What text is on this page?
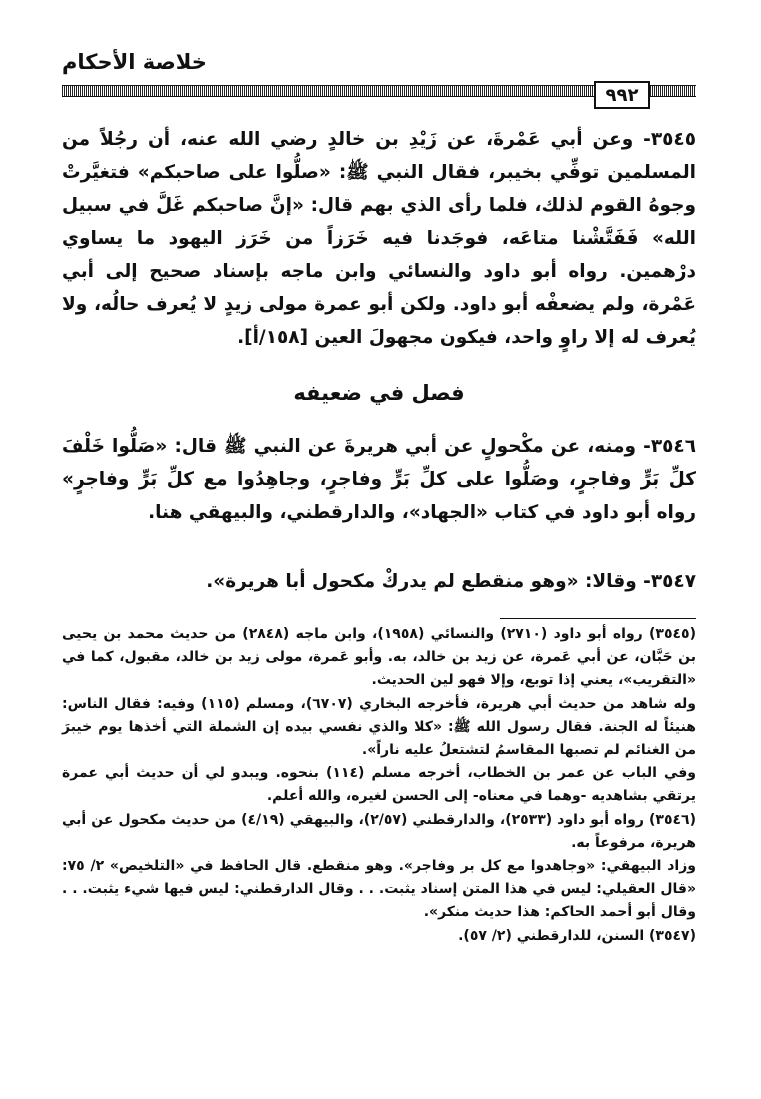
خلاصة الأحكام
٩٩٢

٣٥٤٥- وعن أبي عَمْرةَ، عن زَيْدِ بن خالدٍ رضي الله عنه، أن رجُلاً من المسلمين توفِّي بخيبر، فقال النبي ﷺ: «صلُّوا على صاحبكم» فتغيَّرتْ وجوهُ القوم لذلك، فلما رأى الذي بهم قال: «إنَّ صاحبكم غَلَّ في سبيل الله» فَفَتَّشْنا متاعَه، فوجَدنا فيه خَرَزاً من خَرَز اليهود ما يساوي درْهمين. رواه أبو داود والنسائي وابن ماجه بإسناد صحيح إلى أبي عَمْرة، ولم يضعفْه أبو داود. ولكن أبو عمرة مولى زيدٍ لا يُعرف حالُه، ولا يُعرف له إلا راوٍ واحد، فيكون مجهولَ العين [١٥٨/أ].

فصل في ضعيفه

٣٥٤٦- ومنه، عن مكْحولٍ عن أبي هريرةَ عن النبي ﷺ قال: «صَلُّوا خَلْفَ كلِّ بَرٍّ وفاجرٍ، وصَلُّوا على كلِّ بَرٍّ وفاجرٍ، وجاهِدُوا مع كلِّ بَرٍّ وفاجرٍ» رواه أبو داود في كتاب «الجهاد»، والدارقطني، والبيهقي هنا.

٣٥٤٧- وقالا: «وهو منقطع لم يدركْ مكحول أبا هريرة».

(٣٥٤٥) رواه أبو داود (٢٧١٠) والنسائي (١٩٥٨)، وابن ماجه (٢٨٤٨) من حديث محمد بن يحيى بن حَبَّان، عن أبي عَمرة، عن زيد بن خالد، به. وأبو عَمرة، مولى زيد بن خالد، مقبول، كما في «التقريب»، يعني إذا توبع، وإلا فهو لين الحديث.

وله شاهد من حديث أبي هريرة، فأخرجه البخاري (٦٧٠٧)، ومسلم (١١٥) وفيه: فقال الناس: هنيئاً له الجنة. فقال رسول الله ﷺ: «كلا والذي نفسي بيده إن الشملة التي أخذها يوم خيبرَ من الغنائم لم تصبها المقاسمُ لتشتعلُ عليه ناراً».

وفي الباب عن عمر بن الخطاب، أخرجه مسلم (١١٤) بنحوه. ويبدو لي أن حديث أبي عمرة يرتقي بشاهديه -وهما في معناه- إلى الحسن لغيره، والله أعلم.

(٣٥٤٦) رواه أبو داود (٢٥٣٣)، والدارقطني (٢/٥٧)، والبيهقي (٤/١٩) من حديث مكحول عن أبي هريرة، مرفوعاً به.

وزاد البيهقي: «وجاهدوا مع كل بر وفاجر». وهو منقطع. قال الحافظ في «التلخيص» ٢/ ٧٥: «قال العقيلي: ليس في هذا المتن إسناد يثبت. . . وقال الدارقطني: ليس فيها شيء يثبت. . . وقال أبو أحمد الحاكم: هذا حديث منكر».

(٣٥٤٧) السنن، للدارقطني (٢/ ٥٧).
